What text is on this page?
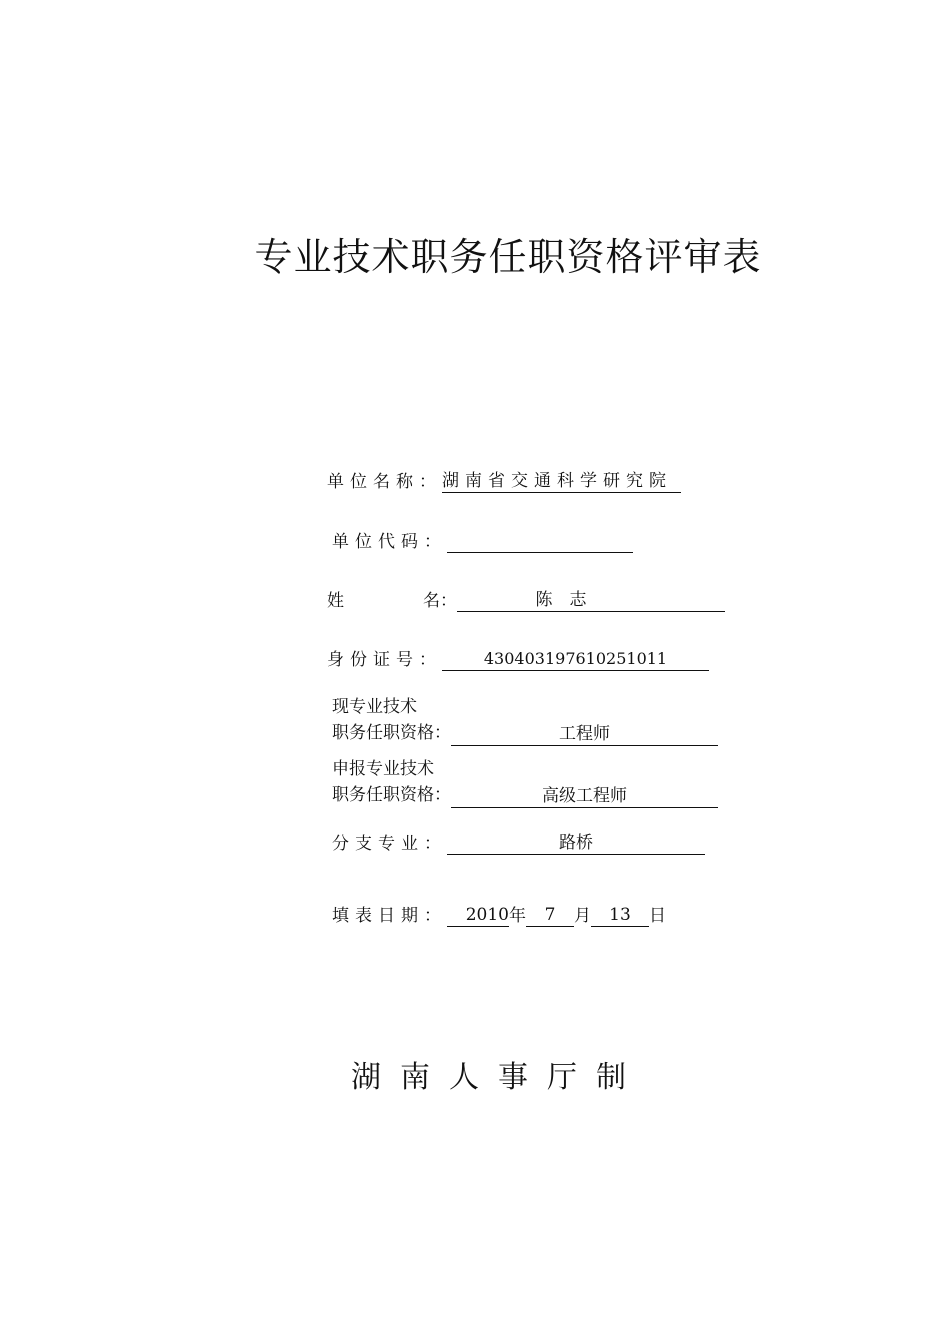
专业技术职务任职资格评审表
单位名称：湖南省交通科学研究院
单位代码：
姓	名：	陈　志
身份证号：	430403197610251011
现专业技术
职务任职资格：	工程师
申报专业技术
职务任职资格：	高级工程师
分支专业：	路桥
填表日期： 2010年 7 月 13 日
湖南人事厅制
